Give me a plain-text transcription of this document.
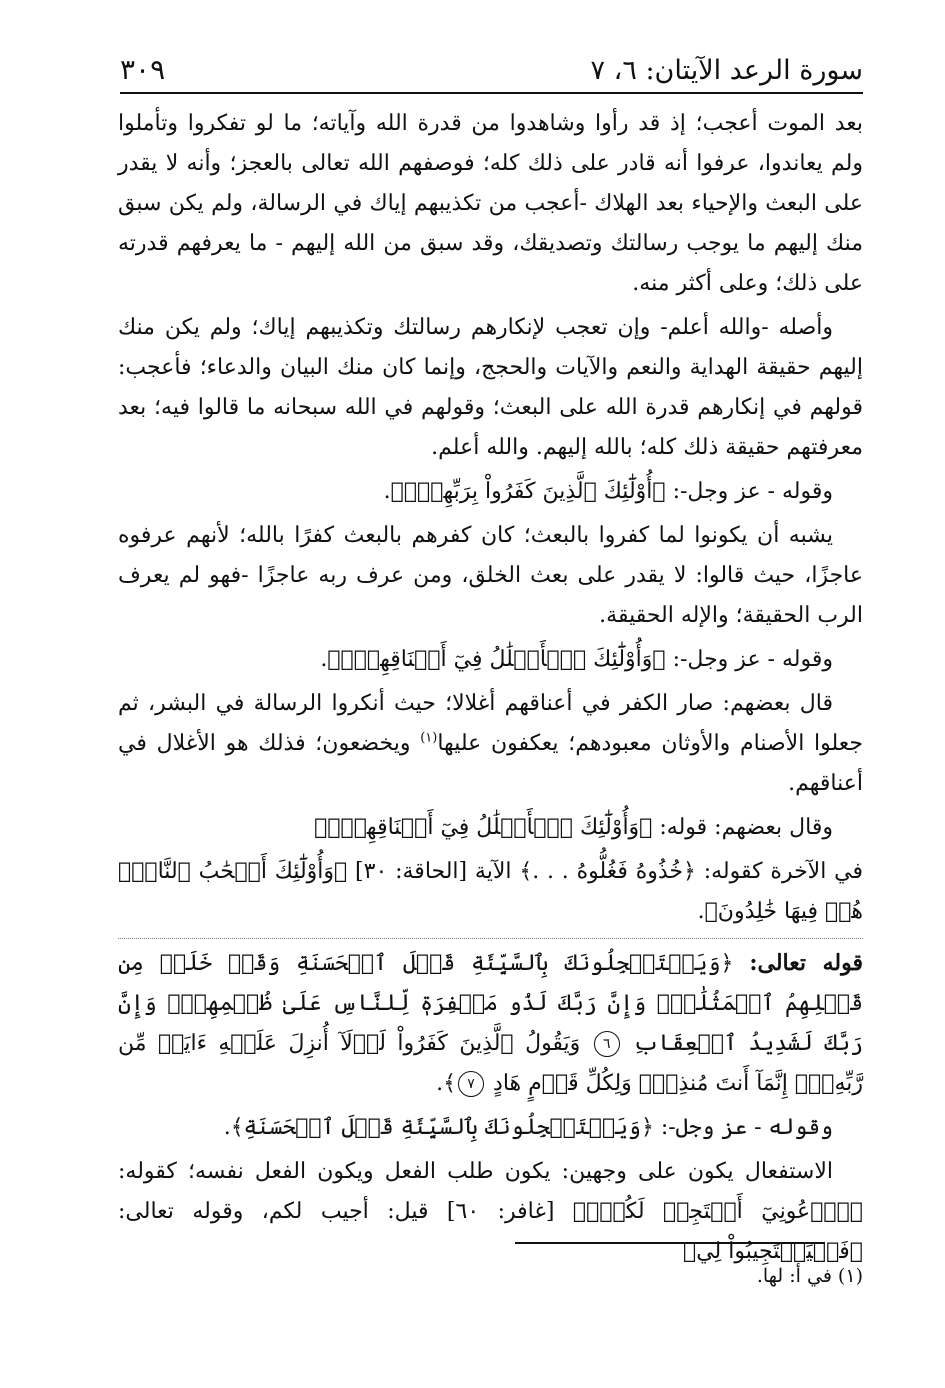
سورة الرعد الآيتان: ٦، ٧
٣٠٩

بعد الموت أعجب؛ إذ قد رأوا وشاهدوا من قدرة الله وآياته؛ ما لو تفكروا وتأملوا ولم يعاندوا، عرفوا أنه قادر على ذلك كله؛ فوصفهم الله تعالى بالعجز؛ وأنه لا يقدر على البعث والإحياء بعد الهلاك -أعجب من تكذيبهم إياك في الرسالة، ولم يكن سبق منك إليهم ما يوجب رسالتك وتصديقك، وقد سبق من الله إليهم - ما يعرفهم قدرته على ذلك؛ وعلى أكثر منه.

وأصله -والله أعلم- وإن تعجب لإنكارهم رسالتك وتكذيبهم إياك؛ ولم يكن منك إليهم حقيقة الهداية والنعم والآيات والحجج، وإنما كان منك البيان والدعاء؛ فأعجب: قولهم في إنكارهم قدرة الله على البعث؛ وقولهم في الله سبحانه ما قالوا فيه؛ بعد معرفتهم حقيقة ذلك كله؛ بالله إليهم. والله أعلم.

وقوله - عز وجل-: ﴿أُوْلَٰٓئِكَ ٱلَّذِينَ كَفَرُواْ بِرَبِّهِمۡۖ﴾.

يشبه أن يكونوا لما كفروا بالبعث؛ كان كفرهم بالبعث كفرًا بالله؛ لأنهم عرفوه عاجزًا، حيث قالوا: لا يقدر على بعث الخلق، ومن عرف ربه عاجزًا -فهو لم يعرف الرب الحقيقة؛ والإله الحقيقة.

وقوله - عز وجل-: ﴿وَأُوْلَٰٓئِكَ ٱلۡأَغۡلَٰلُ فِيٓ أَعۡنَاقِهِمۡۖ﴾.

قال بعضهم: صار الكفر في أعناقهم أغلالا؛ حيث أنكروا الرسالة في البشر، ثم جعلوا الأصنام والأوثان معبودهم؛ يعكفون عليها$^{(١)}$ ويخضعون؛ فذلك هو الأغلال في أعناقهم.

وقال بعضهم: قوله: ﴿وَأُوْلَٰٓئِكَ ٱلۡأَغۡلَٰلُ فِيٓ أَعۡنَاقِهِمۡۖ﴾

في الآخرة كقوله: ﴿خُذُوهُ فَغُلُّوهُ . . .﴾ الآية [الحاقة: ٣٠] ﴿وَأُوْلَٰٓئِكَ أَصۡحَٰبُ ٱلنَّارِۖ هُمۡ فِيهَا خَٰلِدُونَ﴾.

قوله تعالى: ﴿وَيَسۡتَعۡجِلُونَكَ بِٱلسَّيِّئَةِ قَبۡلَ ٱلۡحَسَنَةِ وَقَدۡ خَلَتۡ مِن قَبۡلِهِمُ ٱلۡمَثُلَٰتُۗ وَإِنَّ رَبَّكَ لَذُو مَغۡفِرَةٖ لِّلنَّاسِ عَلَىٰ ظُلۡمِهِمۡۖ وَإِنَّ رَبَّكَ لَشَدِيدُ ٱلۡعِقَابِ ٦ وَيَقُولُ ٱلَّذِينَ كَفَرُواْ لَوۡلَآ أُنزِلَ عَلَيۡهِ ءَايَةٞ مِّن رَّبِّهِۦٓۗ إِنَّمَآ أَنتَ مُنذِرٞۖ وَلِكُلِّ قَوۡمٍ هَادٍ ٧﴾.

وقوله - عز وجل-: ﴿وَيَسۡتَعۡجِلُونَكَ بِٱلسَّيِّئَةِ قَبۡلَ ٱلۡحَسَنَةِ﴾.

الاستفعال يكون على وجهين: يكون طلب الفعل ويكون الفعل نفسه؛ كقوله: ﴿ٱدۡعُونِيٓ أَسۡتَجِبۡ لَكُمۡۚ﴾ [غافر: ٦٠] قيل: أجيب لكم، وقوله تعالى: ﴿فَلۡيَسۡتَجِيبُواْ لِي﴾

(١) في أ: لها.
